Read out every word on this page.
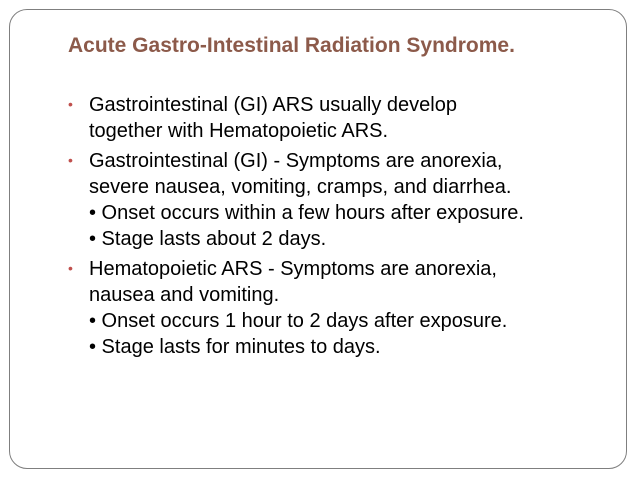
Acute Gastro-Intestinal Radiation Syndrome.
• Gastrointestinal (GI) ARS usually develop
together with Hematopoietic ARS.
• Gastrointestinal (GI) - Symptoms are anorexia,
severe nausea, vomiting, cramps, and diarrhea.
• Onset occurs within a few hours after exposure.
• Stage lasts about 2 days.
• Hematopoietic ARS - Symptoms are anorexia,
nausea and vomiting.
• Onset occurs 1 hour to 2 days after exposure.
• Stage lasts for minutes to days.
